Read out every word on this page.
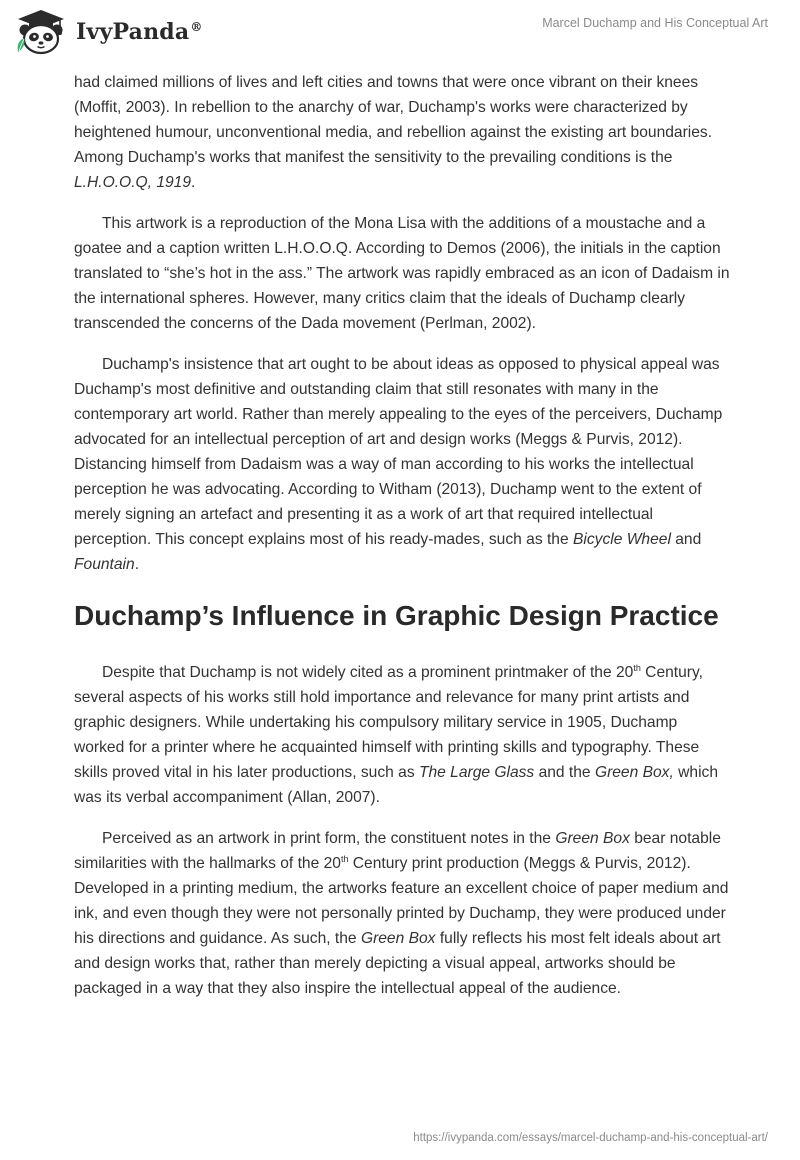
IvyPanda®	Marcel Duchamp and His Conceptual Art

had claimed millions of lives and left cities and towns that were once vibrant on their knees (Moffit, 2003). In rebellion to the anarchy of war, Duchamp's works were characterized by heightened humour, unconventional media, and rebellion against the existing art boundaries. Among Duchamp's works that manifest the sensitivity to the prevailing conditions is the L.H.O.O.Q, 1919.

This artwork is a reproduction of the Mona Lisa with the additions of a moustache and a goatee and a caption written L.H.O.O.Q. According to Demos (2006), the initials in the caption translated to “she’s hot in the ass.” The artwork was rapidly embraced as an icon of Dadaism in the international spheres. However, many critics claim that the ideals of Duchamp clearly transcended the concerns of the Dada movement (Perlman, 2002).

Duchamp's insistence that art ought to be about ideas as opposed to physical appeal was Duchamp's most definitive and outstanding claim that still resonates with many in the contemporary art world. Rather than merely appealing to the eyes of the perceivers, Duchamp advocated for an intellectual perception of art and design works (Meggs & Purvis, 2012). Distancing himself from Dadaism was a way of man according to his works the intellectual perception he was advocating. According to Witham (2013), Duchamp went to the extent of merely signing an artefact and presenting it as a work of art that required intellectual perception. This concept explains most of his ready-mades, such as the Bicycle Wheel and Fountain.

Duchamp’s Influence in Graphic Design Practice

Despite that Duchamp is not widely cited as a prominent printmaker of the 20th Century, several aspects of his works still hold importance and relevance for many print artists and graphic designers. While undertaking his compulsory military service in 1905, Duchamp worked for a printer where he acquainted himself with printing skills and typography. These skills proved vital in his later productions, such as The Large Glass and the Green Box, which was its verbal accompaniment (Allan, 2007).

Perceived as an artwork in print form, the constituent notes in the Green Box bear notable similarities with the hallmarks of the 20th Century print production (Meggs & Purvis, 2012). Developed in a printing medium, the artworks feature an excellent choice of paper medium and ink, and even though they were not personally printed by Duchamp, they were produced under his directions and guidance. As such, the Green Box fully reflects his most felt ideals about art and design works that, rather than merely depicting a visual appeal, artworks should be packaged in a way that they also inspire the intellectual appeal of the audience.

https://ivypanda.com/essays/marcel-duchamp-and-his-conceptual-art/
